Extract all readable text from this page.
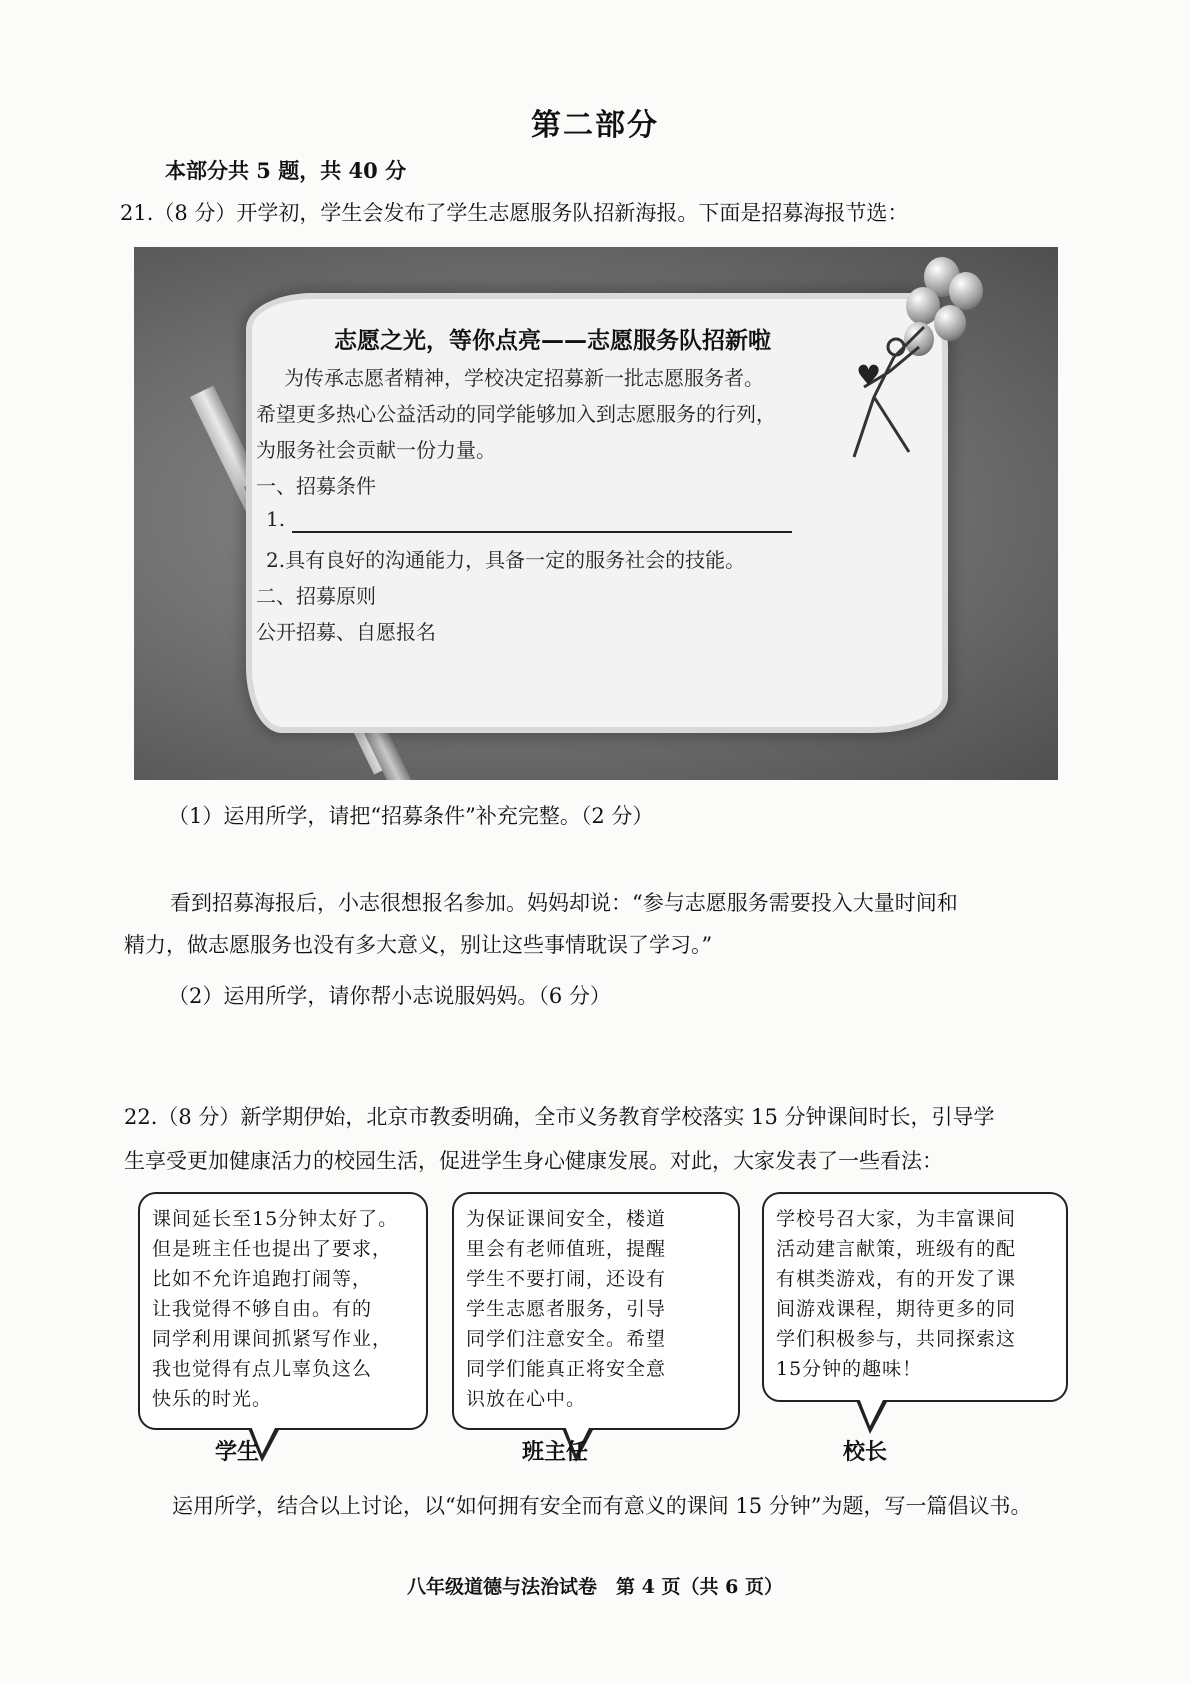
第二部分
本部分共 5 题，共 40 分
21.（8 分）开学初，学生会发布了学生志愿服务队招新海报。下面是招募海报节选：
♥
志愿之光，等你点亮——志愿服务队招新啦
为传承志愿者精神，学校决定招募新一批志愿服务者。
希望更多热心公益活动的同学能够加入到志愿服务的行列，
为服务社会贡献一份力量。
一、招募条件
1.
2.具有良好的沟通能力，具备一定的服务社会的技能。
二、招募原则
公开招募、自愿报名
（1）运用所学，请把“招募条件”补充完整。（2 分）
看到招募海报后，小志很想报名参加。妈妈却说：“参与志愿服务需要投入大量时间和
精力，做志愿服务也没有多大意义，别让这些事情耽误了学习。”
（2）运用所学，请你帮小志说服妈妈。（6 分）
22.（8 分）新学期伊始，北京市教委明确，全市义务教育学校落实 15 分钟课间时长，引导学
生享受更加健康活力的校园生活，促进学生身心健康发展。对此，大家发表了一些看法：
课间延长至15分钟太好了。
但是班主任也提出了要求，
比如不允许追跑打闹等，
让我觉得不够自由。有的
同学利用课间抓紧写作业，
我也觉得有点儿辜负这么
快乐的时光。
学生
为保证课间安全，楼道
里会有老师值班，提醒
学生不要打闹，还设有
学生志愿者服务，引导
同学们注意安全。希望
同学们能真正将安全意
识放在心中。
班主任
学校号召大家，为丰富课间
活动建言献策，班级有的配
有棋类游戏，有的开发了课
间游戏课程，期待更多的同
学们积极参与，共同探索这
15分钟的趣味！
校长
运用所学，结合以上讨论，以“如何拥有安全而有意义的课间 15 分钟”为题，写一篇倡议书。
八年级道德与法治试卷　第 4 页（共 6 页）
